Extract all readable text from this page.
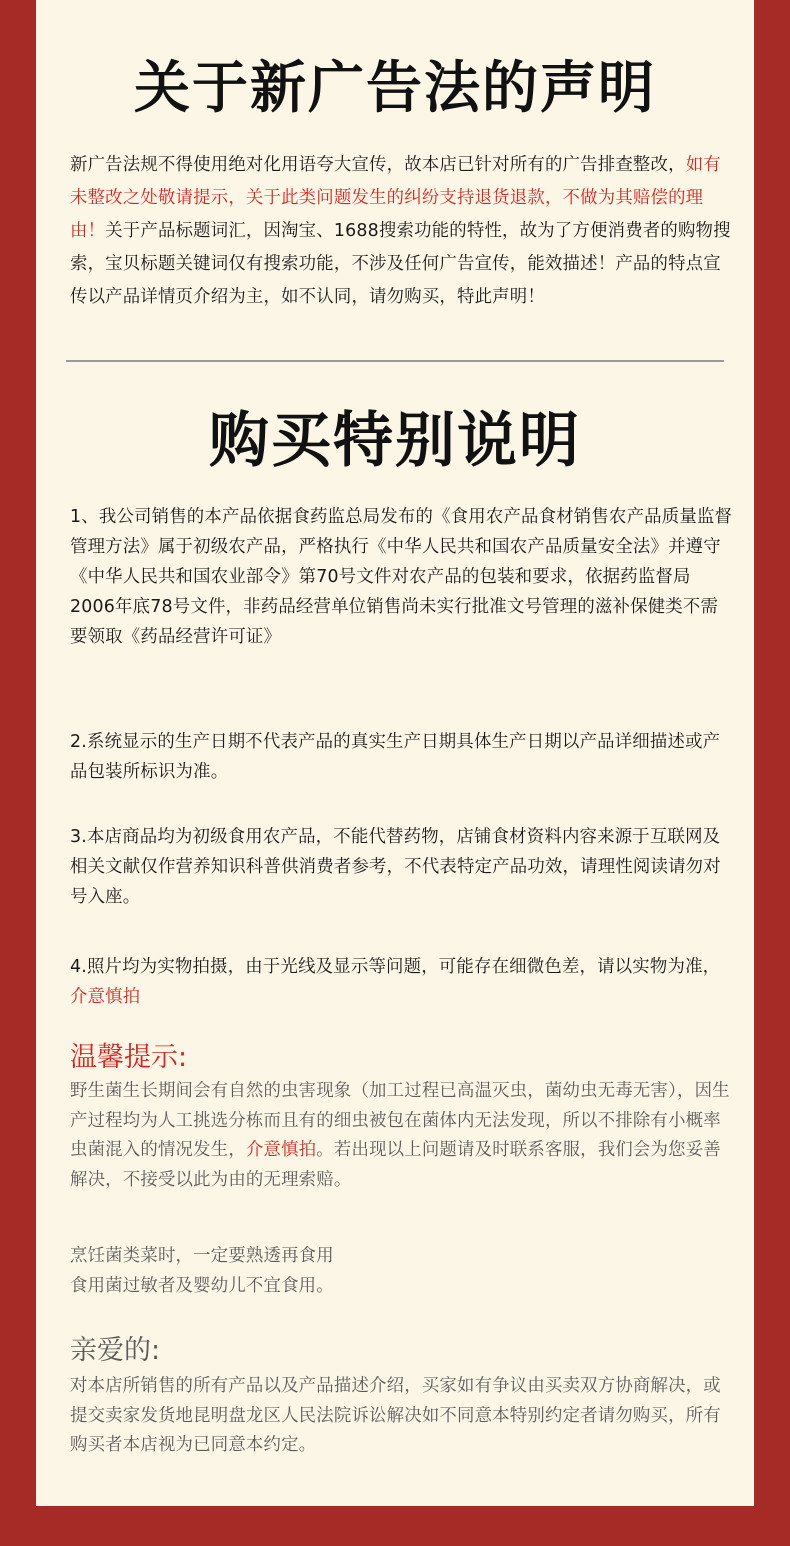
关于新广告法的声明
新广告法规不得使用绝对化用语夸大宣传，故本店已针对所有的广告排查整改，如有未整改之处敬请提示，关于此类问题发生的纠纷支持退货退款，不做为其赔偿的理由！关于产品标题词汇，因淘宝、1688搜索功能的特性，故为了方便消费者的购物搜索，宝贝标题关键词仅有搜索功能，不涉及任何广告宣传，能效描述！产品的特点宣传以产品详情页介绍为主，如不认同，请勿购买，特此声明！
购买特别说明
1、我公司销售的本产品依据食药监总局发布的《食用农产品食材销售农产品质量监督管理方法》属于初级农产品，严格执行《中华人民共和国农产品质量安全法》并遵守《中华人民共和国农业部令》第70号文件对农产品的包装和要求，依据药监督局2006年底78号文件，非药品经营单位销售尚未实行批准文号管理的滋补保健类不需要领取《药品经营许可证》
2.系统显示的生产日期不代表产品的真实生产日期具体生产日期以产品详细描述或产品包装所标识为准。
3.本店商品均为初级食用农产品，不能代替药物，店铺食材资料内容来源于互联网及相关文献仅作营养知识科普供消费者参考，不代表特定产品功效，请理性阅读请勿对号入座。
4.照片均为实物拍摄，由于光线及显示等问题，可能存在细微色差，请以实物为准，介意慎拍
温馨提示:
野生菌生长期间会有自然的虫害现象（加工过程已高温灭虫，菌幼虫无毒无害），因生产过程均为人工挑选分栋而且有的细虫被包在菌体内无法发现，所以不排除有小概率虫菌混入的情况发生，介意慎拍。若出现以上问题请及时联系客服，我们会为您妥善解决，不接受以此为由的无理索赔。
烹饪菌类菜时，一定要熟透再食用
食用菌过敏者及婴幼儿不宜食用。
亲爱的:
对本店所销售的所有产品以及产品描述介绍，买家如有争议由买卖双方协商解决，或提交卖家发货地昆明盘龙区人民法院诉讼解决如不同意本特别约定者请勿购买，所有购买者本店视为已同意本约定。
